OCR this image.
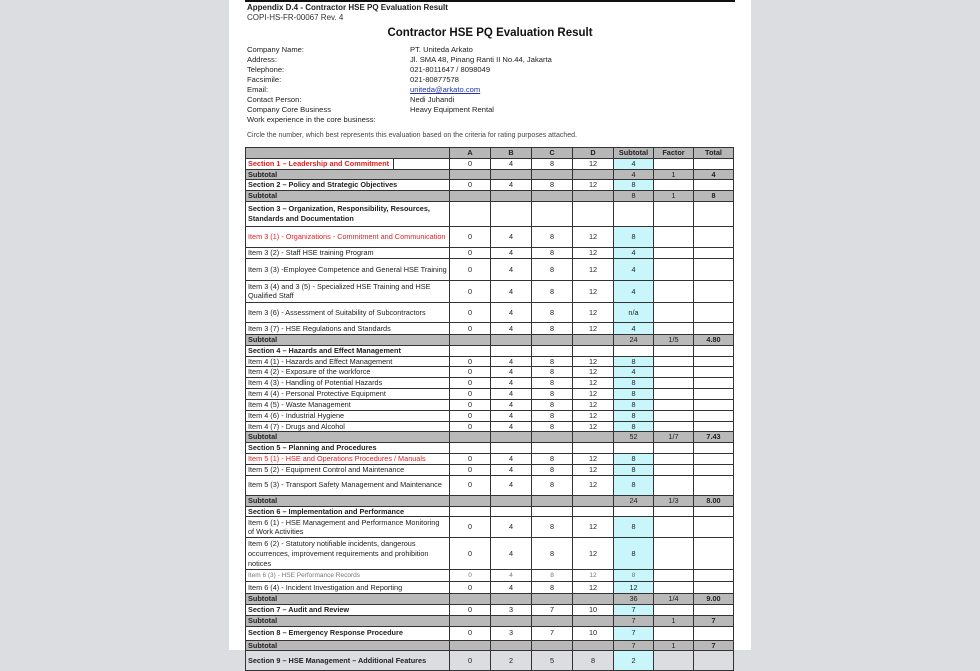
Appendix D.4 - Contractor HSE PQ Evaluation Result
COPI-HS-FR-00067 Rev. 4
Contractor HSE PQ Evaluation Result
Company Name:	PT. Uniteda Arkato
Address:	Jl. SMA 48, Pinang Ranti II No.44, Jakarta
Telephone:	021-8011647 / 8098049
Facsimile:	021-80877578
Email:	uniteda@arkato.com
Contact Person:	Nedi Juhandi
Company Core Business	Heavy Equipment Rental
Work experience in the core business:
Circle the number, which best represents this evaluation based on the criteria for rating purposes attached.
	A	B	C	D	Subtotal	Factor	Total
Section 1 – Leadership and Commitment	0	4	8	12	4		
Subtotal					4	1	4
Section 2 – Policy and Strategic Objectives	0	4	8	12	8		
Subtotal					8	1	8
Section 3 – Organization, Responsibility, Resources, Standards and Documentation							
Item 3 (1) - Organizations - Commitment and Communication	0	4	8	12	8		
Item 3 (2) - Staff HSE training Program	0	4	8	12	4		
Item 3 (3) -Employee Competence and General HSE Training	0	4	8	12	4		
Item 3 (4) and 3 (5) - Specialized HSE Training and HSE Qualified Staff	0	4	8	12	4		
Item 3 (6) - Assessment of Suitability of Subcontractors	0	4	8	12	n/a		
Item 3 (7) - HSE Regulations and Standards	0	4	8	12	4		
Subtotal					24	1/5	4.80
Section 4 – Hazards and Effect Management							
Item 4 (1) - Hazards and Effect Management	0	4	8	12	8		
Item 4 (2) - Exposure of the workforce	0	4	8	12	4		
Item 4 (3) - Handling of Potential Hazards	0	4	8	12	8		
Item 4 (4) - Personal Protective Equipment	0	4	8	12	8		
Item 4 (5) - Waste Management	0	4	8	12	8		
Item 4 (6) - Industrial Hygiene	0	4	8	12	8		
Item 4 (7) - Drugs and Alcohol	0	4	8	12	8		
Subtotal					52	1/7	7.43
Section 5 – Planning and Procedures							
Item 5 (1) - HSE and Operations Procedures / Manuals	0	4	8	12	8		
Item 5 (2) - Equipment Control and Maintenance	0	4	8	12	8		
Item 5 (3) - Transport Safety Management and Maintenance	0	4	8	12	8		
Subtotal					24	1/3	8.00
Section 6 – Implementation and Performance							
Item 6 (1) - HSE Management and Performance Monitoring of Work Activities	0	4	8	12	8		
Item 6 (2) - Statutory notifiable incidents, dangerous occurrences, improvement requirements and prohibition notices	0	4	8	12	8		
Item 6 (3) - HSE Performance Records	0	4	8	12	8		
Item 6 (4) - Incident Investigation and Reporting	0	4	8	12	12		
Subtotal					36	1/4	9.00
Section 7 – Audit and Review	0	3	7	10	7		
Subtotal					7	1	7
Section 8 – Emergency Response Procedure	0	3	7	10	7		
Subtotal					7	1	7
Section 9 – HSE Management – Additional Features	0	2	5	8	2		
